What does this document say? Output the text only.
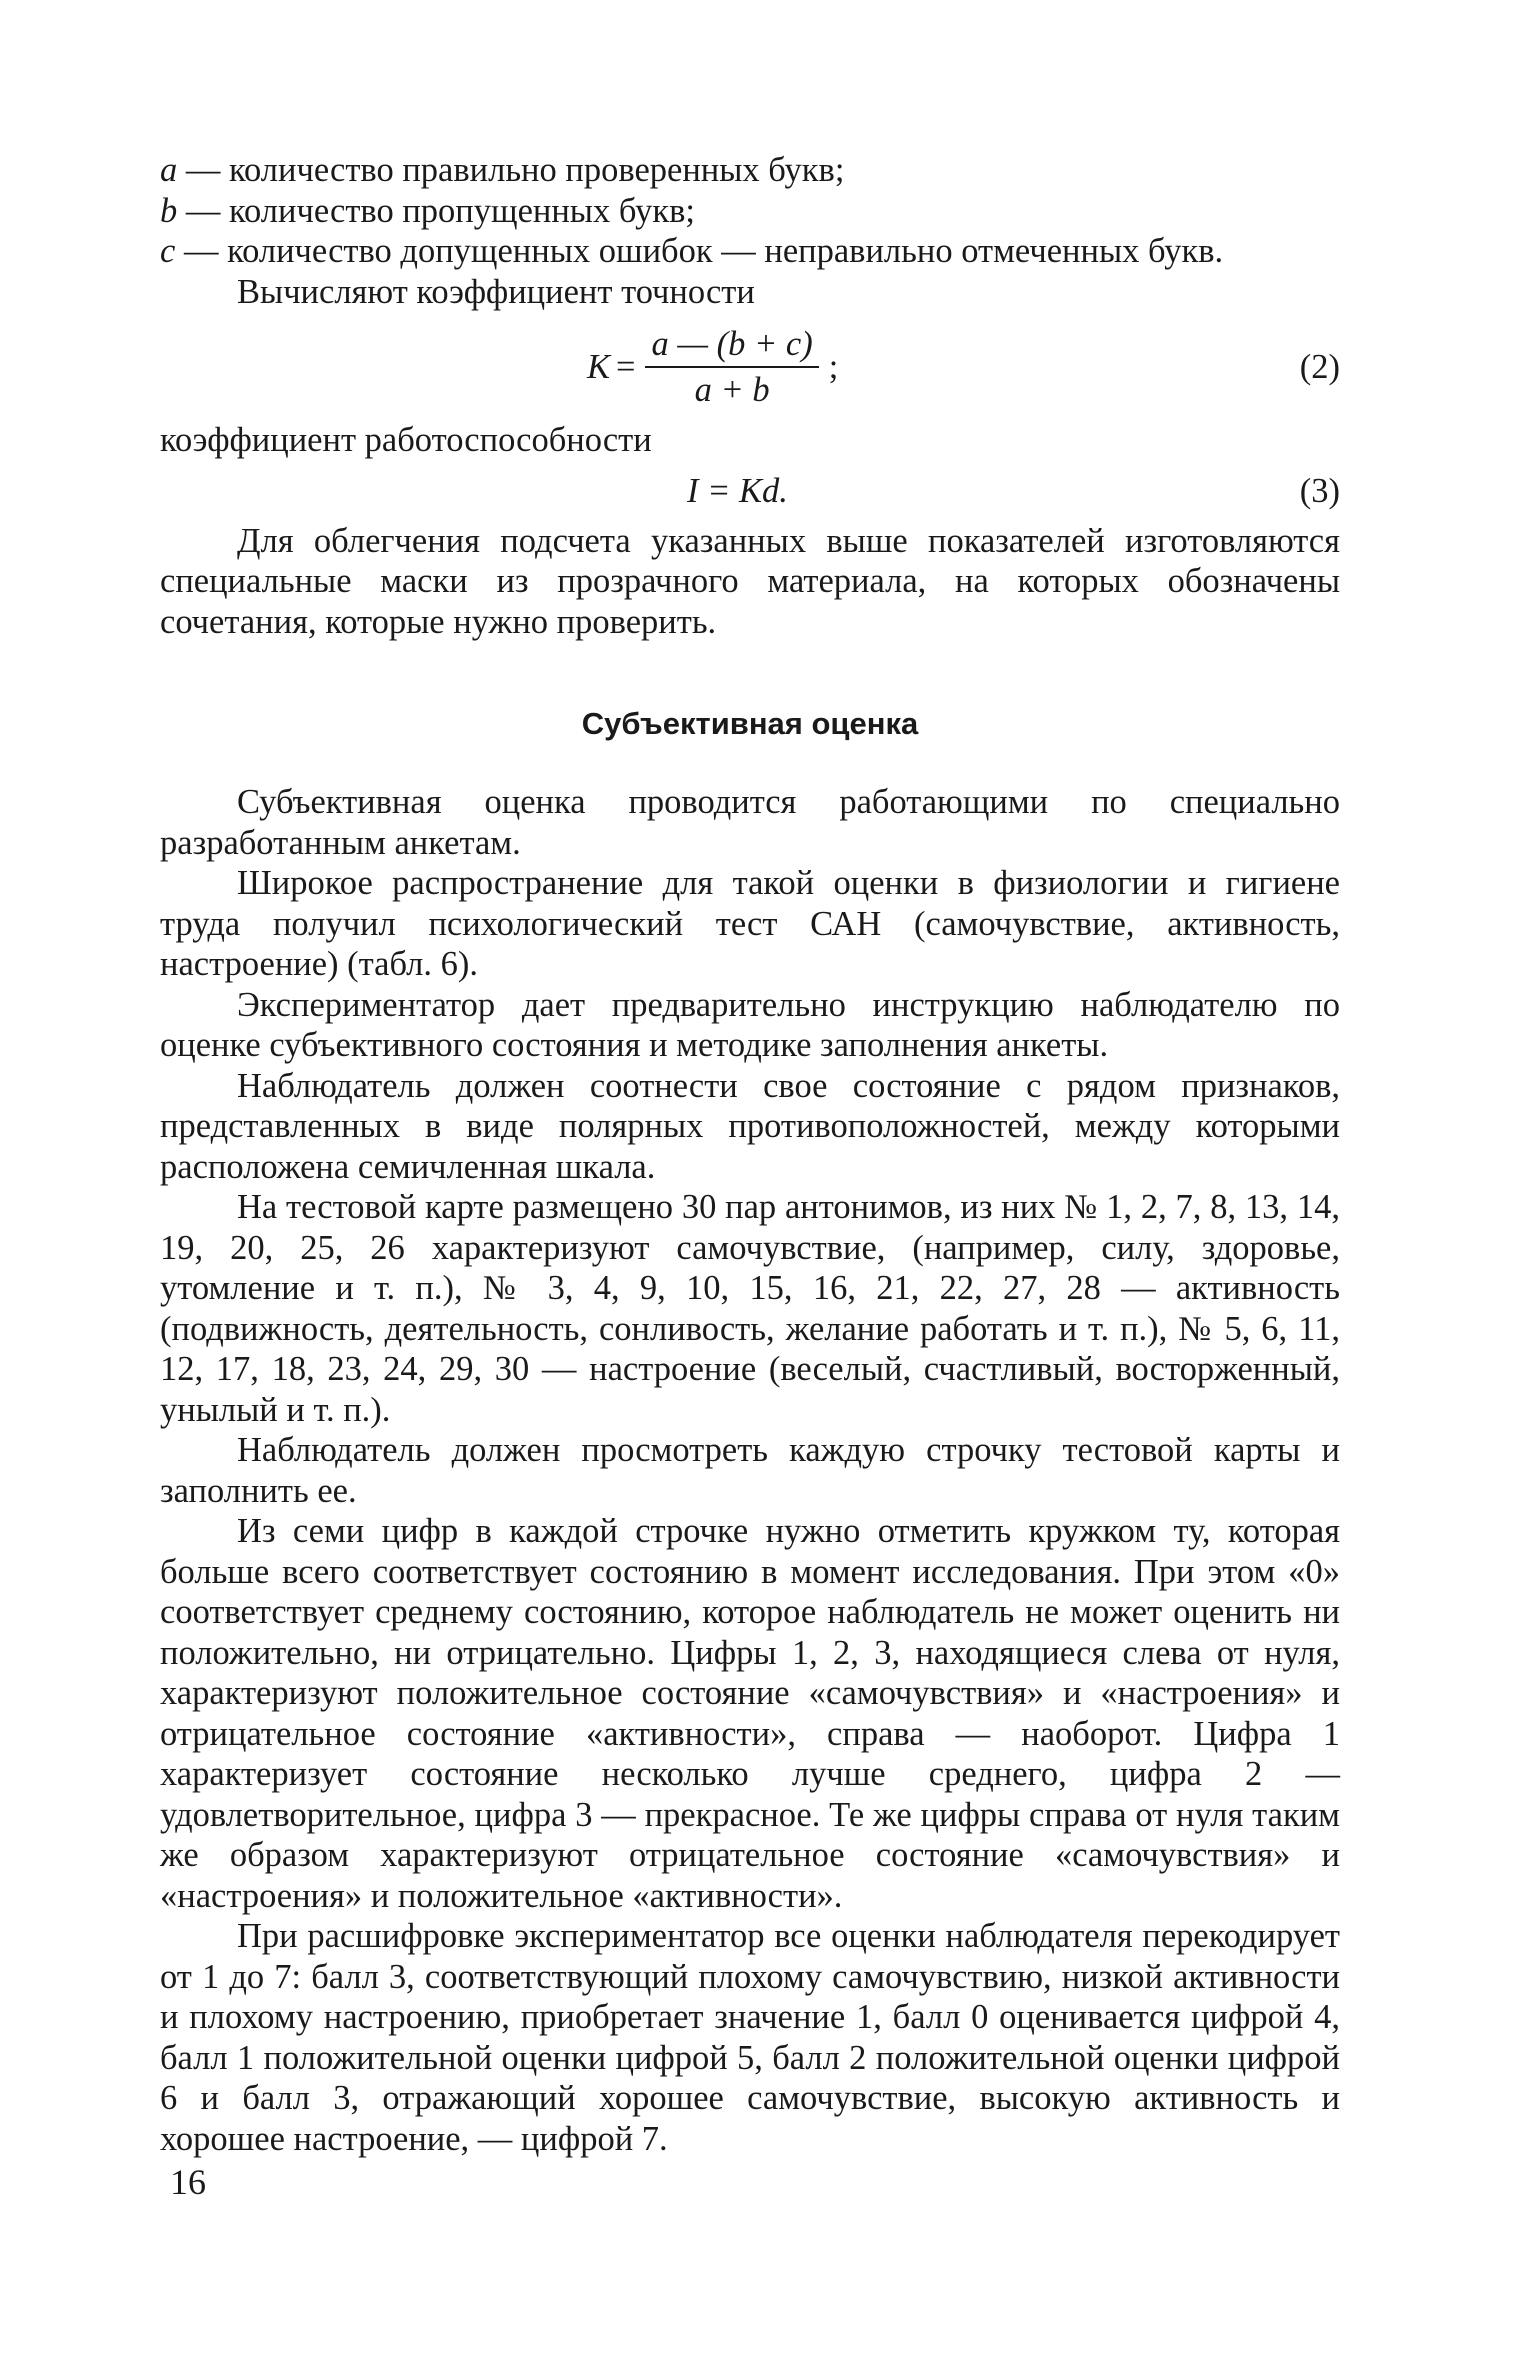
a — количество правильно проверенных букв;

b — количество пропущенных букв;

c — количество допущенных ошибок — неправильно отмеченных букв.

Вычисляют коэффициент точности

$K = \frac{a — (b + c)}{a + b}$ ;	(2)

коэффициент работоспособности

I = Kd.	(3)

Для облегчения подсчета указанных выше показателей изготовляются специальные маски из прозрачного материала, на которых обозначены сочетания, которые нужно проверить.

Субъективная оценка

Субъективная оценка проводится работающими по специально разработанным анкетам.

Широкое распространение для такой оценки в физиологии и гигиене труда получил психологический тест САН (самочувствие, активность, настроение) (табл. 6).

Экспериментатор дает предварительно инструкцию наблюдателю по оценке субъективного состояния и методике заполнения анкеты.

Наблюдатель должен соотнести свое состояние с рядом признаков, представленных в виде полярных противоположностей, между которыми расположена семичленная шкала.

На тестовой карте размещено 30 пар антонимов, из них № 1, 2, 7, 8, 13, 14, 19, 20, 25, 26 характеризуют самочувствие, (например, силу, здоровье, утомление и т. п.), № 3, 4, 9, 10, 15, 16, 21, 22, 27, 28 — активность (подвижность, деятельность, сонливость, желание работать и т. п.), № 5, 6, 11, 12, 17, 18, 23, 24, 29, 30 — настроение (веселый, счастливый, восторженный, унылый и т. п.).

Наблюдатель должен просмотреть каждую строчку тестовой карты и заполнить ее.

Из семи цифр в каждой строчке нужно отметить кружком ту, которая больше всего соответствует состоянию в момент исследования. При этом «0» соответствует среднему состоянию, которое наблюдатель не может оценить ни положительно, ни отрицательно. Цифры 1, 2, 3, находящиеся слева от нуля, характеризуют положительное состояние «самочувствия» и «настроения» и отрицательное состояние «активности», справа — наоборот. Цифра 1 характеризует состояние несколько лучше среднего, цифра 2 — удовлетворительное, цифра 3 — прекрасное. Те же цифры справа от нуля таким же образом характеризуют отрицательное состояние «самочувствия» и «настроения» и положительное «активности».

При расшифровке экспериментатор все оценки наблюдателя перекодирует от 1 до 7: балл 3, соответствующий плохому самочувствию, низкой активности и плохому настроению, приобретает значение 1, балл 0 оценивается цифрой 4, балл 1 положительной оценки цифрой 5, балл 2 положительной оценки цифрой 6 и балл 3, отражающий хорошее самочувствие, высокую активность и хорошее настроение, — цифрой 7.

16
